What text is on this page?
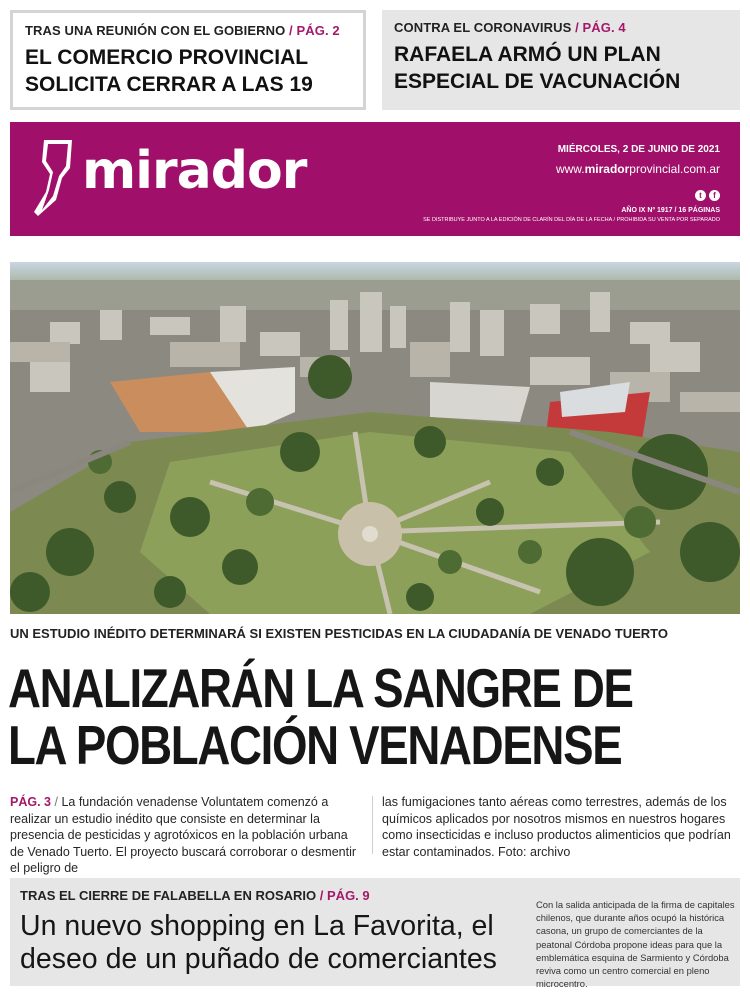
TRAS UNA REUNIÓN CON EL GOBIERNO / PÁG. 2
EL COMERCIO PROVINCIAL SOLICITA CERRAR A LAS 19
CONTRA EL CORONAVIRUS / PÁG. 4
RAFAELA ARMÓ UN PLAN ESPECIAL DE VACUNACIÓN
mirador	MIÉRCOLES, 2 DE JUNIO DE 2021
www.miradorprovincial.com.ar
t	f
AÑO IX Nº 1917 / 16 PÁGINAS
SE DISTRIBUYE JUNTO A LA EDICIÓN DE CLARÍN DEL DÍA DE LA FECHA / PROHIBIDA SU VENTA POR SEPARADO
UN ESTUDIO INÉDITO DETERMINARÁ SI EXISTEN PESTICIDAS EN LA CIUDADANÍA DE VENADO TUERTO
ANALIZARÁN LA SANGRE DE
LA POBLACIÓN VENADENSE
PÁG. 3 / La fundación venadense Voluntatem comenzó a realizar un estudio inédito que consiste en determinar la presencia de pesticidas y agrotóxicos en la población urbana de Venado Tuerto. El proyecto buscará corroborar o desmentir el peligro de
las fumigaciones tanto aéreas como terrestres, además de los químicos aplicados por nosotros mismos en nuestros hogares como insecticidas e incluso productos alimenticios que podrían estar contaminados. Foto: archivo
TRAS EL CIERRE DE FALABELLA EN ROSARIO / PÁG. 9
Un nuevo shopping en La Favorita, el deseo de un puñado de comerciantes
Con la salida anticipada de la firma de capitales chilenos, que durante años ocupó la histórica casona, un grupo de comerciantes de la peatonal Córdoba propone ideas para que la emblemática esquina de Sarmiento y Córdoba reviva como un centro comercial en pleno microcentro.
